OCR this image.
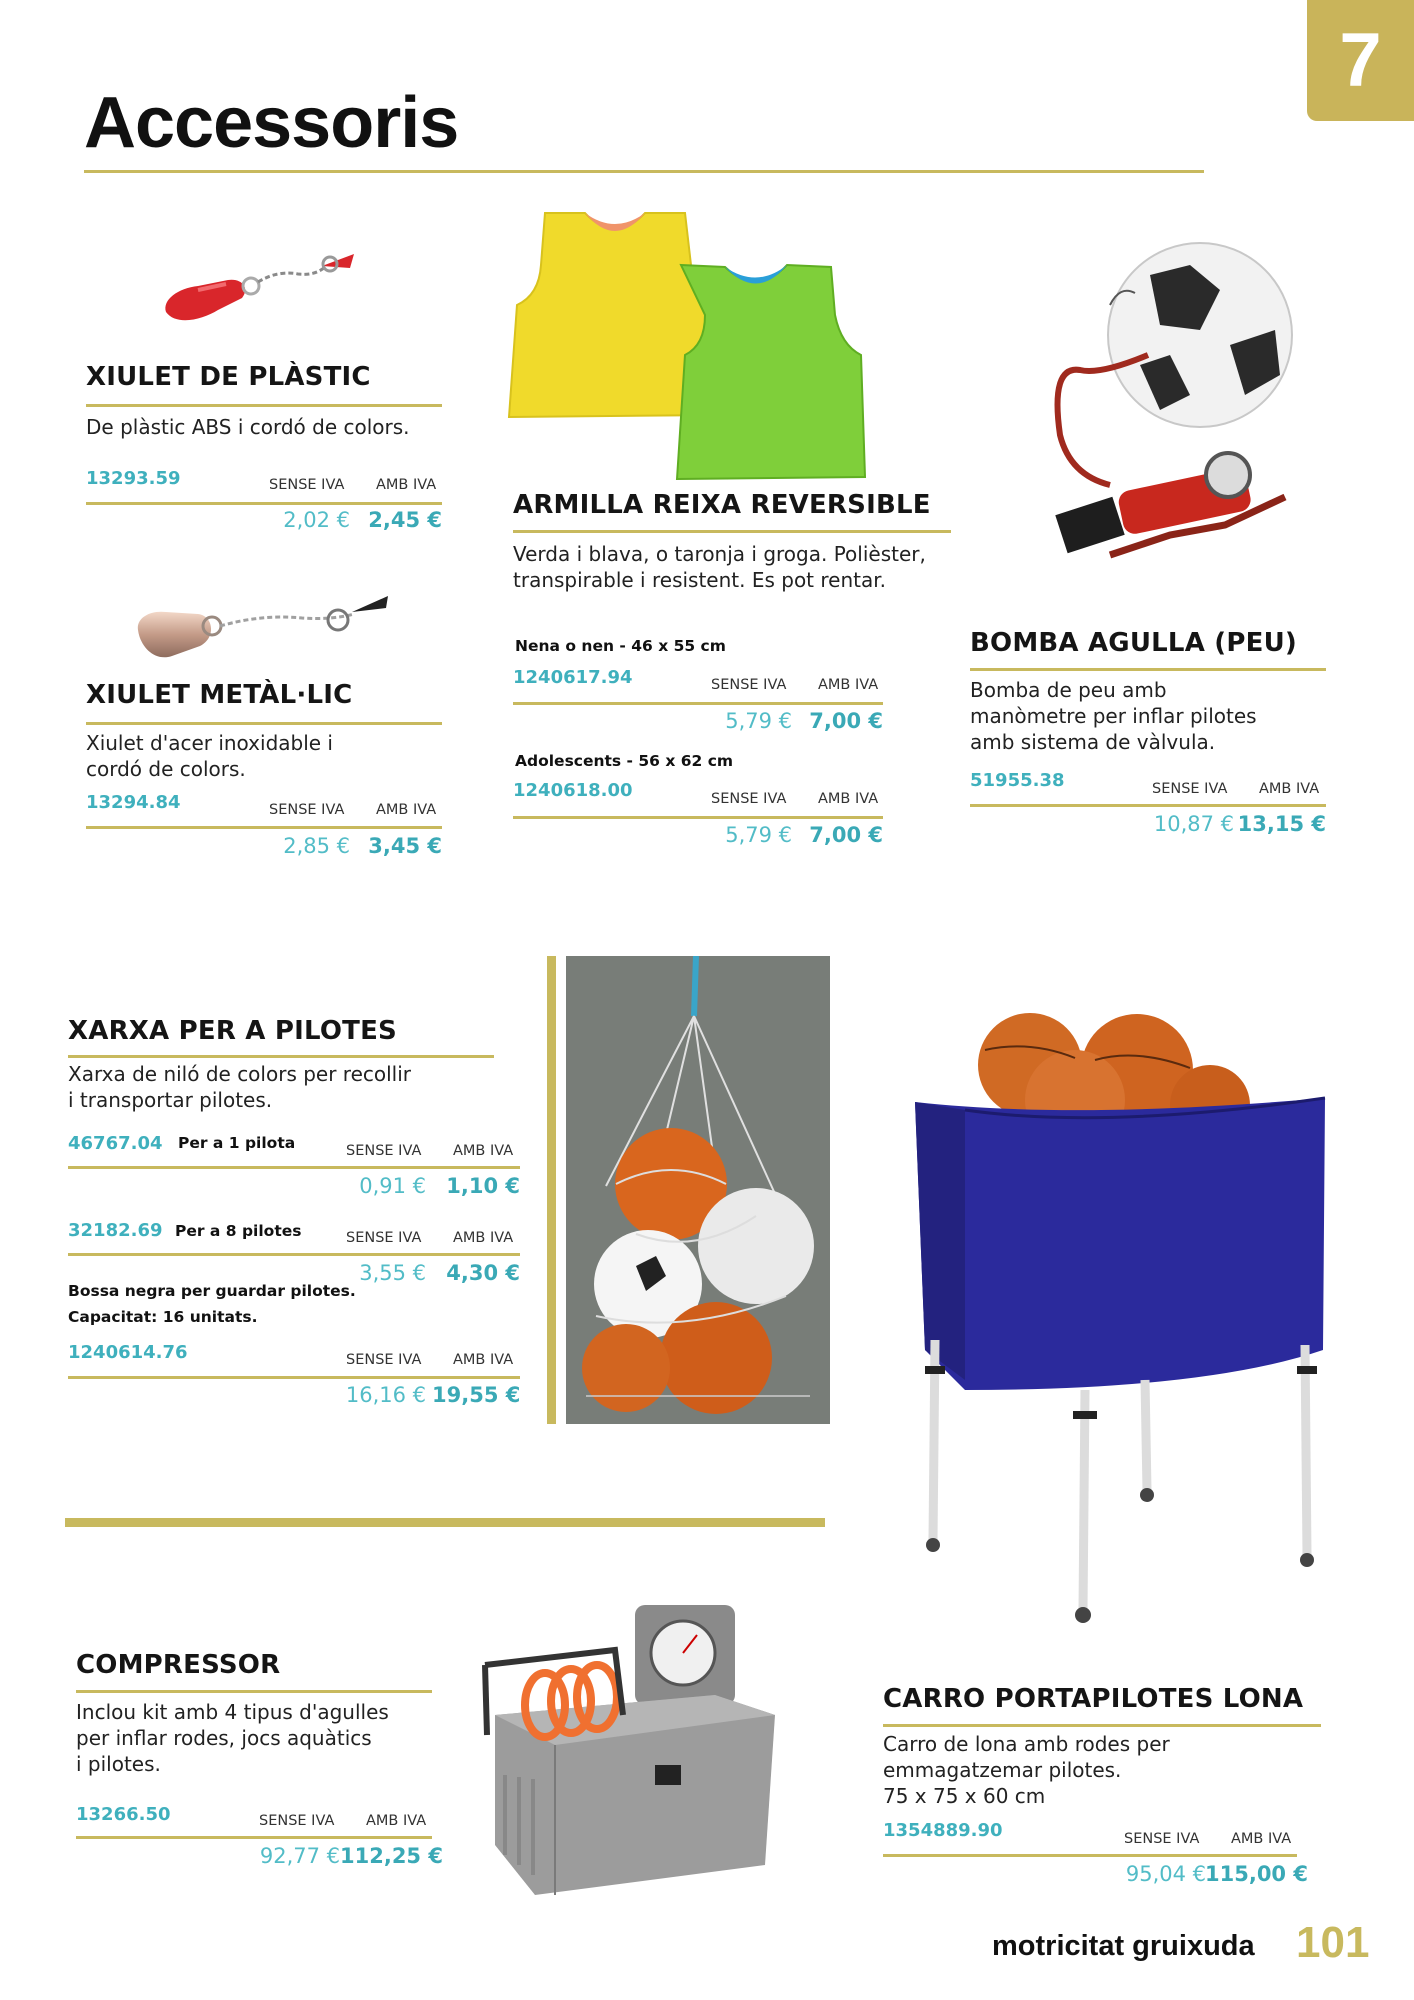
7
Accessoris
XIULET DE PLÀSTIC
De plàstic ABS i cordó de colors.
13293.59	SENSE IVA AMB IVA
2,02 € 2,45 €
XIULET METÀL·LIC
Xiulet d'acer inoxidable i
cordó de colors.
13294.84	SENSE IVA AMB IVA
2,85 € 3,45 €
ARMILLA REIXA REVERSIBLE
Verda i blava, o taronja i groga. Polièster,
transpirable i resistent. Es pot rentar.
Nena o nen - 46 x 55 cm
1240617.94	SENSE IVA AMB IVA
5,79 € 7,00 €
Adolescents - 56 x 62 cm
1240618.00	SENSE IVA AMB IVA
5,79 € 7,00 €
BOMBA AGULLA (PEU)
Bomba de peu amb
manòmetre per inflar pilotes
amb sistema de vàlvula.
51955.38	SENSE IVA AMB IVA
10,87 € 13,15 €
XARXA PER A PILOTES
Xarxa de niló de colors per recollir
i transportar pilotes.
46767.04 Per a 1 pilota	SENSE IVA AMB IVA
0,91 € 1,10 €
32182.69 Per a 8 pilotes	SENSE IVA AMB IVA
3,55 € 4,30 €
Bossa negra per guardar pilotes.
Capacitat: 16 unitats.
1240614.76	SENSE IVA AMB IVA
16,16 € 19,55 €
COMPRESSOR
Inclou kit amb 4 tipus d'agulles
per inflar rodes, jocs aquàtics
i pilotes.
13266.50	SENSE IVA AMB IVA
92,77 € 112,25 €
CARRO PORTAPILOTES LONA
Carro de lona amb rodes per
emmagatzemar pilotes.
75 x 75 x 60 cm
1354889.90	SENSE IVA AMB IVA
95,04 € 115,00 €
motricitat gruixuda 101
